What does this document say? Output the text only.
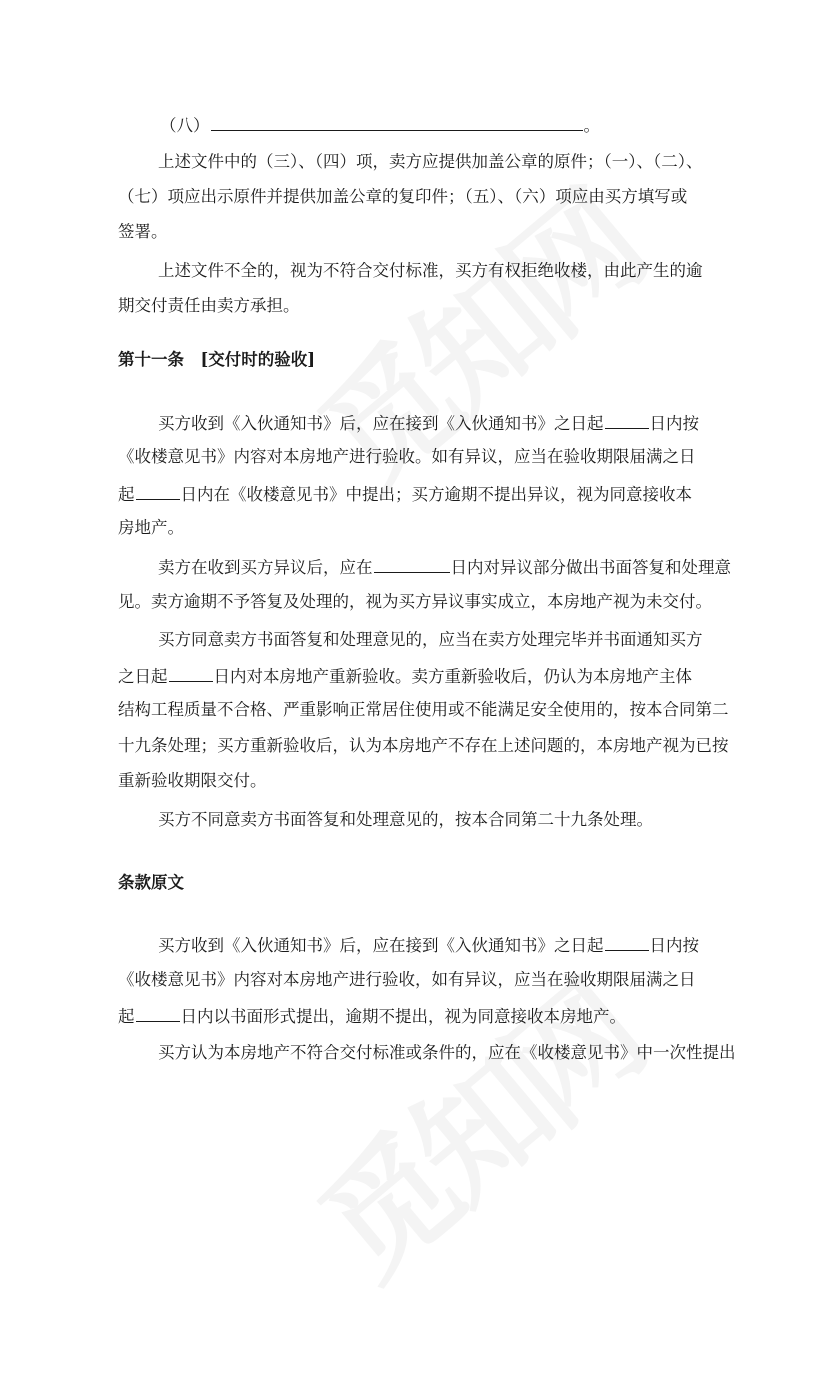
（八）	。
上述文件中的（三）、（四）项，卖方应提供加盖公章的原件；（一）、（二）、
（七）项应出示原件并提供加盖公章的复印件；（五）、（六）项应由买方填写或
签署。
上述文件不全的，视为不符合交付标准，买方有权拒绝收楼，由此产生的逾
期交付责任由卖方承担。
第十一条　[交付时的验收]
买方收到《入伙通知书》后，应在接到《入伙通知书》之日起	日内按
《收楼意见书》内容对本房地产进行验收。如有异议，应当在验收期限届满之日
起	日内在《收楼意见书》中提出；买方逾期不提出异议，视为同意接收本
房地产。
卖方在收到买方异议后，应在	日内对异议部分做出书面答复和处理意
见。卖方逾期不予答复及处理的，视为买方异议事实成立，本房地产视为未交付。
买方同意卖方书面答复和处理意见的，应当在卖方处理完毕并书面通知买方
之日起	日内对本房地产重新验收。卖方重新验收后，仍认为本房地产主体
结构工程质量不合格、严重影响正常居住使用或不能满足安全使用的，按本合同第二
十九条处理；买方重新验收后，认为本房地产不存在上述问题的，本房地产视为已按
重新验收期限交付。
买方不同意卖方书面答复和处理意见的，按本合同第二十九条处理。
条款原文
买方收到《入伙通知书》后，应在接到《入伙通知书》之日起	日内按
《收楼意见书》内容对本房地产进行验收，如有异议，应当在验收期限届满之日
起	日内以书面形式提出，逾期不提出，视为同意接收本房地产。
买方认为本房地产不符合交付标准或条件的，应在《收楼意见书》中一次性提出
